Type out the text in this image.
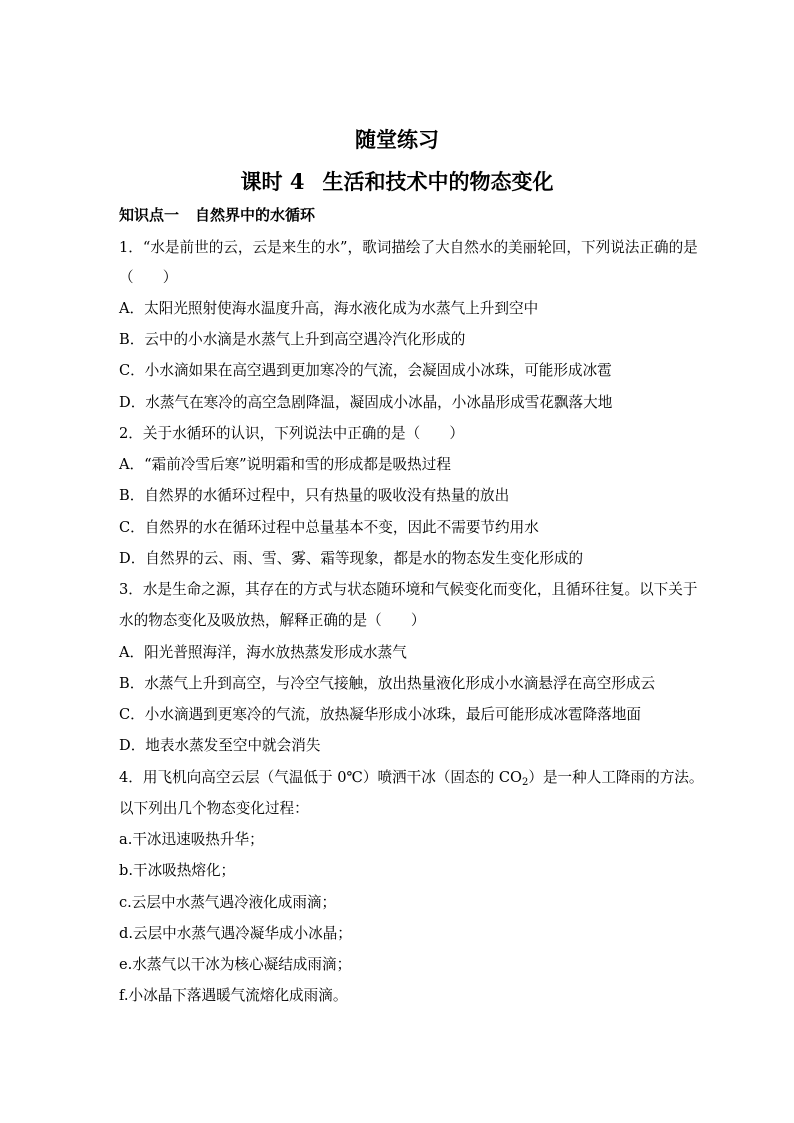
随堂练习
课时 4 生活和技术中的物态变化
知识点一 自然界中的水循环
1．“水是前世的云，云是来生的水”，歌词描绘了大自然水的美丽轮回，下列说法正确的是
（　　）
A．太阳光照射使海水温度升高，海水液化成为水蒸气上升到空中
B．云中的小水滴是水蒸气上升到高空遇冷汽化形成的
C．小水滴如果在高空遇到更加寒冷的气流，会凝固成小冰珠，可能形成冰雹
D．水蒸气在寒冷的高空急剧降温，凝固成小冰晶，小冰晶形成雪花飘落大地
2．关于水循环的认识，下列说法中正确的是（　　）
A．“霜前冷雪后寒”说明霜和雪的形成都是吸热过程
B．自然界的水循环过程中，只有热量的吸收没有热量的放出
C．自然界的水在循环过程中总量基本不变，因此不需要节约用水
D．自然界的云、雨、雪、雾、霜等现象，都是水的物态发生变化形成的
3．水是生命之源，其存在的方式与状态随环境和气候变化而变化，且循环往复。以下关于
水的物态变化及吸放热，解释正确的是（　　）
A．阳光普照海洋，海水放热蒸发形成水蒸气
B．水蒸气上升到高空，与冷空气接触，放出热量液化形成小水滴悬浮在高空形成云
C．小水滴遇到更寒冷的气流，放热凝华形成小冰珠，最后可能形成冰雹降落地面
D．地表水蒸发至空中就会消失
4．用飞机向高空云层（气温低于 0℃）喷洒干冰（固态的 $CO_2$）是一种人工降雨的方法。
以下列出几个物态变化过程：
a.干冰迅速吸热升华；
b.干冰吸热熔化；
c.云层中水蒸气遇冷液化成雨滴；
d.云层中水蒸气遇冷凝华成小冰晶；
e.水蒸气以干冰为核心凝结成雨滴；
f.小冰晶下落遇暖气流熔化成雨滴。
